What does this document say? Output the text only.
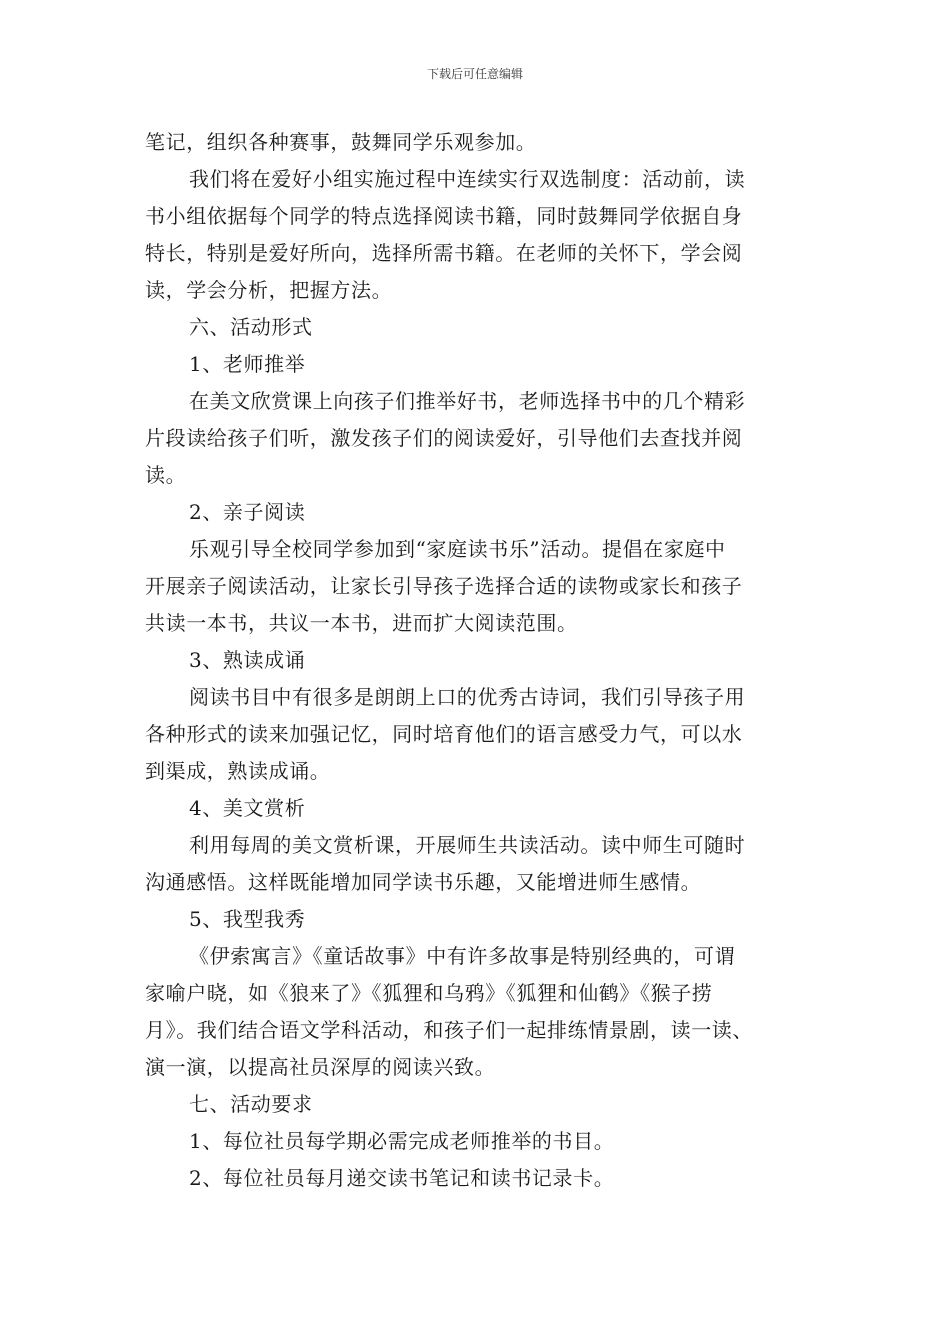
下载后可任意编辑
笔记，组织各种赛事，鼓舞同学乐观参加。
我们将在爱好小组实施过程中连续实行双选制度：活动前，读
书小组依据每个同学的特点选择阅读书籍，同时鼓舞同学依据自身
特长，特别是爱好所向，选择所需书籍。在老师的关怀下，学会阅
读，学会分析，把握方法。
六、活动形式
1、老师推举
在美文欣赏课上向孩子们推举好书，老师选择书中的几个精彩
片段读给孩子们听，激发孩子们的阅读爱好，引导他们去查找并阅
读。
2、亲子阅读
乐观引导全校同学参加到“家庭读书乐”活动。提倡在家庭中
开展亲子阅读活动，让家长引导孩子选择合适的读物或家长和孩子
共读一本书，共议一本书，进而扩大阅读范围。
3、熟读成诵
阅读书目中有很多是朗朗上口的优秀古诗词，我们引导孩子用
各种形式的读来加强记忆，同时培育他们的语言感受力气，可以水
到渠成，熟读成诵。
4、美文赏析
利用每周的美文赏析课，开展师生共读活动。读中师生可随时
沟通感悟。这样既能增加同学读书乐趣，又能增进师生感情。
5、我型我秀
《伊索寓言》《童话故事》中有许多故事是特别经典的，可谓
家喻户晓，如《狼来了》《狐狸和乌鸦》《狐狸和仙鹤》《猴子捞
月》。我们结合语文学科活动，和孩子们一起排练情景剧，读一读、
演一演，以提高社员深厚的阅读兴致。
七、活动要求
1、每位社员每学期必需完成老师推举的书目。
2、每位社员每月递交读书笔记和读书记录卡。
